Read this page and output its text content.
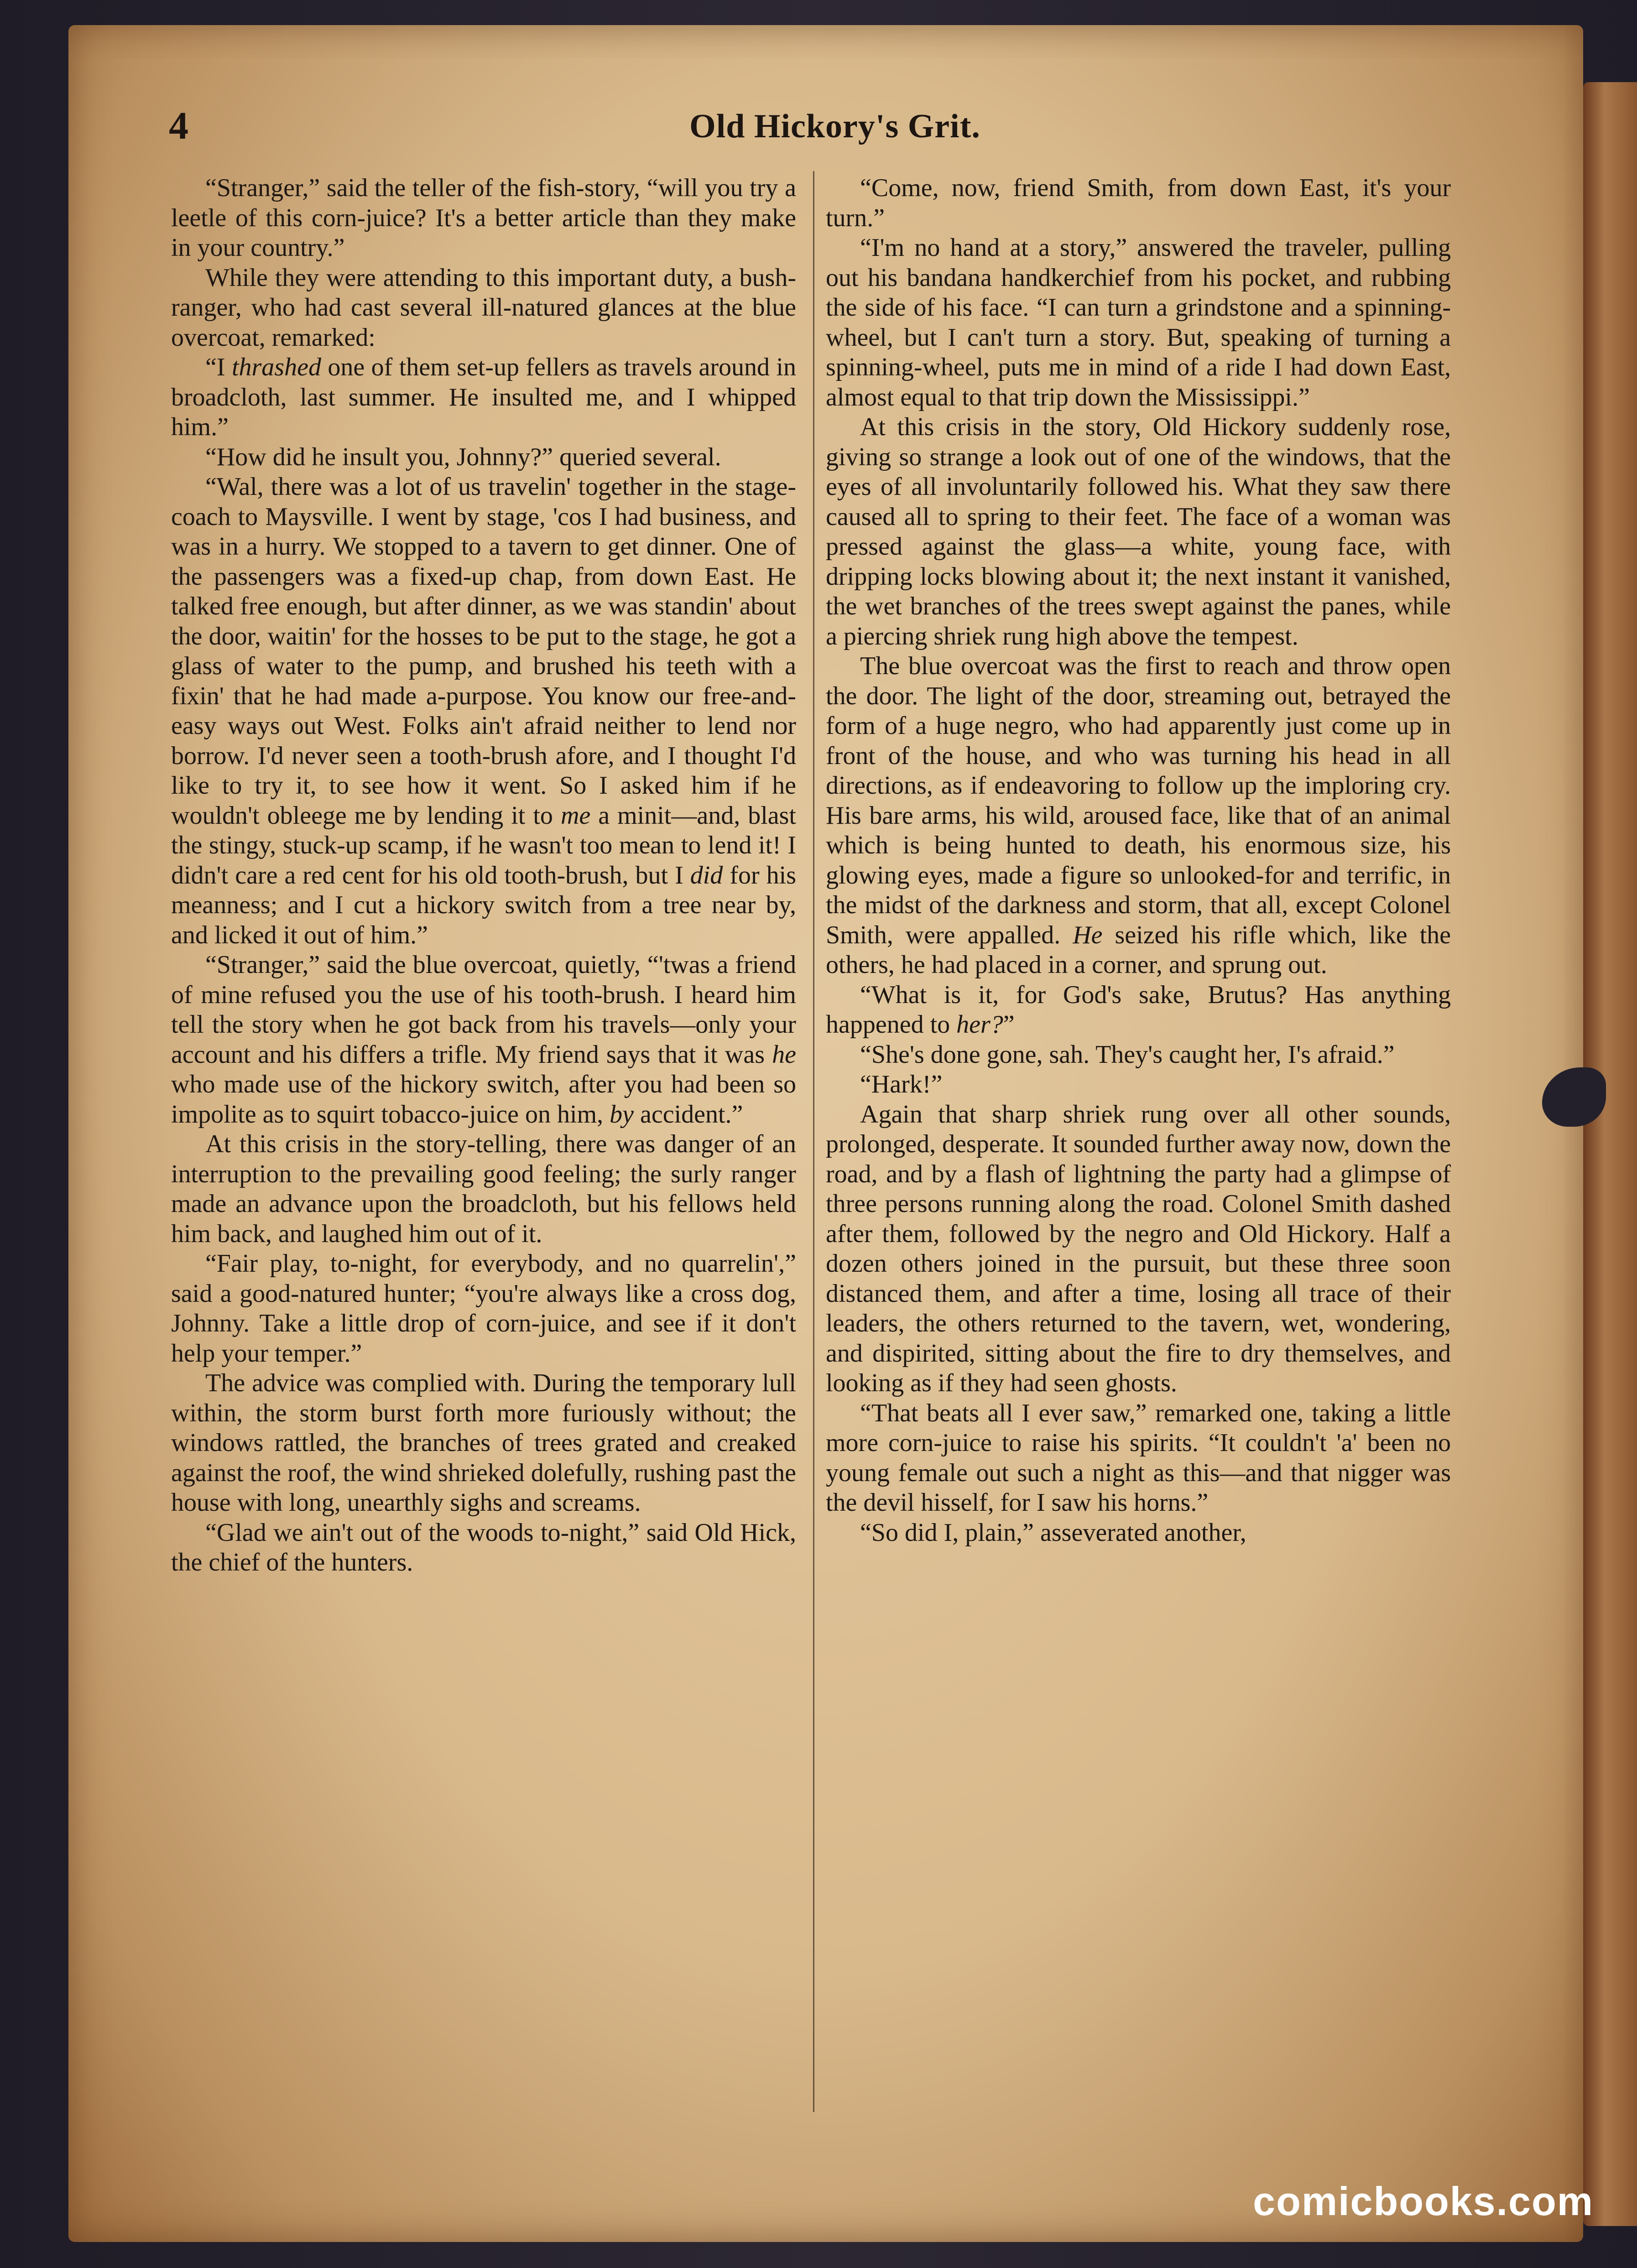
4	Old Hickory's Grit.

“Stranger,” said the teller of the fish-story, “will you try a leetle of this corn-juice? It's a better article than they make in your country.”

While they were attending to this important duty, a bush-ranger, who had cast several ill-natured glances at the blue overcoat, remarked:

“I thrashed one of them set-up fellers as travels around in broadcloth, last summer. He insulted me, and I whipped him.”

“How did he insult you, Johnny?” queried several.

“Wal, there was a lot of us travelin' together in the stage-coach to Maysville. I went by stage, 'cos I had business, and was in a hurry. We stopped to a tavern to get dinner. One of the passengers was a fixed-up chap, from down East. He talked free enough, but after dinner, as we was standin' about the door, waitin' for the hosses to be put to the stage, he got a glass of water to the pump, and brushed his teeth with a fixin' that he had made a-purpose. You know our free-and-easy ways out West. Folks ain't afraid neither to lend nor borrow. I'd never seen a tooth-brush afore, and I thought I'd like to try it, to see how it went. So I asked him if he wouldn't obleege me by lending it to me a minit—and, blast the stingy, stuck-up scamp, if he wasn't too mean to lend it! I didn't care a red cent for his old tooth-brush, but I did for his meanness; and I cut a hickory switch from a tree near by, and licked it out of him.”

“Stranger,” said the blue overcoat, quietly, “'twas a friend of mine refused you the use of his tooth-brush. I heard him tell the story when he got back from his travels—only your account and his differs a trifle. My friend says that it was he who made use of the hickory switch, after you had been so impolite as to squirt tobacco-juice on him, by accident.”

At this crisis in the story-telling, there was danger of an interruption to the prevailing good feeling; the surly ranger made an advance upon the broadcloth, but his fellows held him back, and laughed him out of it.

“Fair play, to-night, for everybody, and no quarrelin',” said a good-natured hunter; “you're always like a cross dog, Johnny. Take a little drop of corn-juice, and see if it don't help your temper.”

The advice was complied with. During the temporary lull within, the storm burst forth more furiously without; the windows rattled, the branches of trees grated and creaked against the roof, the wind shrieked dolefully, rushing past the house with long, unearthly sighs and screams.

“Glad we ain't out of the woods to-night,” said Old Hick, the chief of the hunters.

“Come, now, friend Smith, from down East, it's your turn.”

“I'm no hand at a story,” answered the traveler, pulling out his bandana handkerchief from his pocket, and rubbing the side of his face. “I can turn a grindstone and a spinning-wheel, but I can't turn a story. But, speaking of turning a spinning-wheel, puts me in mind of a ride I had down East, almost equal to that trip down the Mississippi.”

At this crisis in the story, Old Hickory suddenly rose, giving so strange a look out of one of the windows, that the eyes of all involuntarily followed his. What they saw there caused all to spring to their feet. The face of a woman was pressed against the glass—a white, young face, with dripping locks blowing about it; the next instant it vanished, the wet branches of the trees swept against the panes, while a piercing shriek rung high above the tempest.

The blue overcoat was the first to reach and throw open the door. The light of the door, streaming out, betrayed the form of a huge negro, who had apparently just come up in front of the house, and who was turning his head in all directions, as if endeavoring to follow up the imploring cry. His bare arms, his wild, aroused face, like that of an animal which is being hunted to death, his enormous size, his glowing eyes, made a figure so unlooked-for and terrific, in the midst of the darkness and storm, that all, except Colonel Smith, were appalled. He seized his rifle which, like the others, he had placed in a corner, and sprung out.

“What is it, for God's sake, Brutus? Has anything happened to her?”

“She's done gone, sah. They's caught her, I's afraid.”

“Hark!”

Again that sharp shriek rung over all other sounds, prolonged, desperate. It sounded further away now, down the road, and by a flash of lightning the party had a glimpse of three persons running along the road. Colonel Smith dashed after them, followed by the negro and Old Hickory. Half a dozen others joined in the pursuit, but these three soon distanced them, and after a time, losing all trace of their leaders, the others returned to the tavern, wet, wondering, and dispirited, sitting about the fire to dry themselves, and looking as if they had seen ghosts.

“That beats all I ever saw,” remarked one, taking a little more corn-juice to raise his spirits. “It couldn't 'a' been no young female out such a night as this—and that nigger was the devil hisself, for I saw his horns.”

“So did I, plain,” asseverated another,

comicbooks.com
